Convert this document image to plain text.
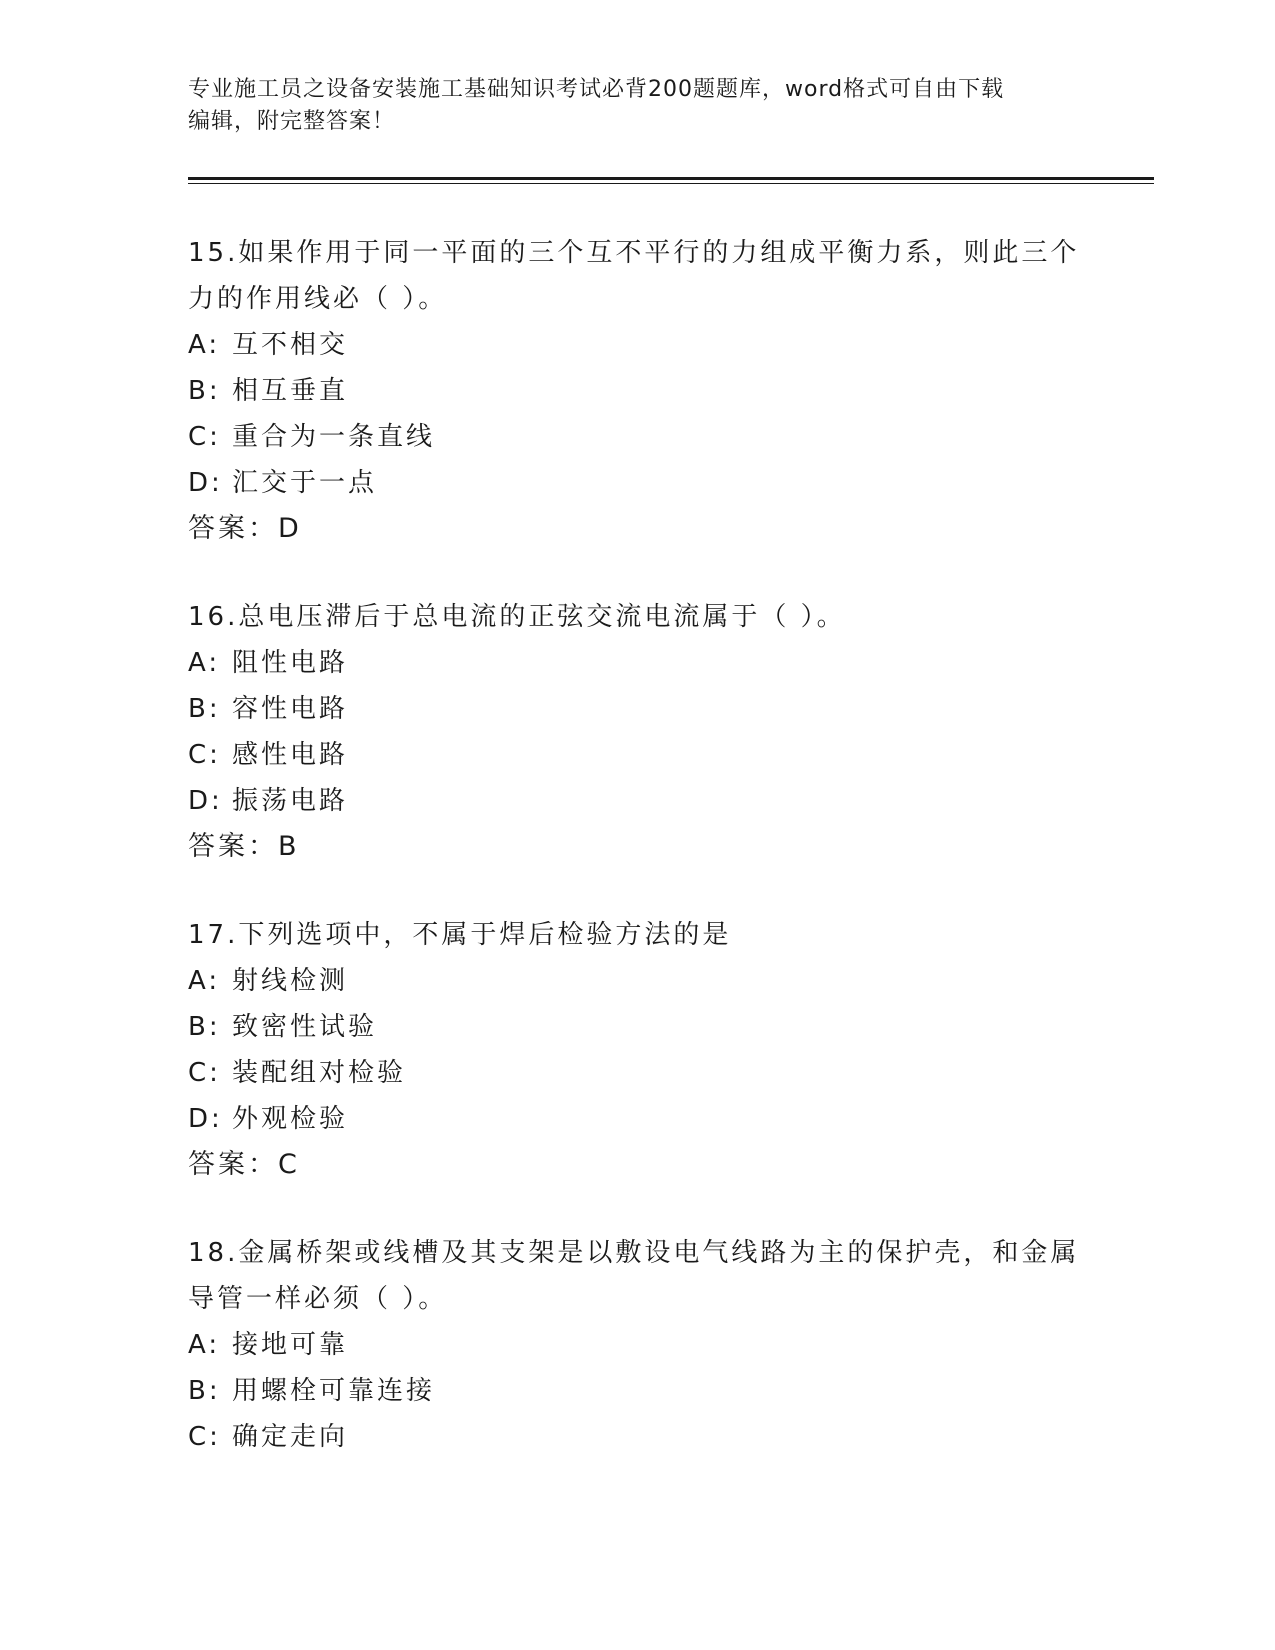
专业施工员之设备安装施工基础知识考试必背200题题库，word格式可自由下载
编辑，附完整答案！
15.如果作用于同一平面的三个互不平行的力组成平衡力系，则此三个
力的作用线必（ ）。
A: 互不相交
B: 相互垂直
C: 重合为一条直线
D: 汇交于一点
答案：D
16.总电压滞后于总电流的正弦交流电流属于（ ）。
A: 阻性电路
B: 容性电路
C: 感性电路
D: 振荡电路
答案：B
17.下列选项中，不属于焊后检验方法的是
A: 射线检测
B: 致密性试验
C: 装配组对检验
D: 外观检验
答案：C
18.金属桥架或线槽及其支架是以敷设电气线路为主的保护壳，和金属
导管一样必须（ ）。
A: 接地可靠
B: 用螺栓可靠连接
C: 确定走向
